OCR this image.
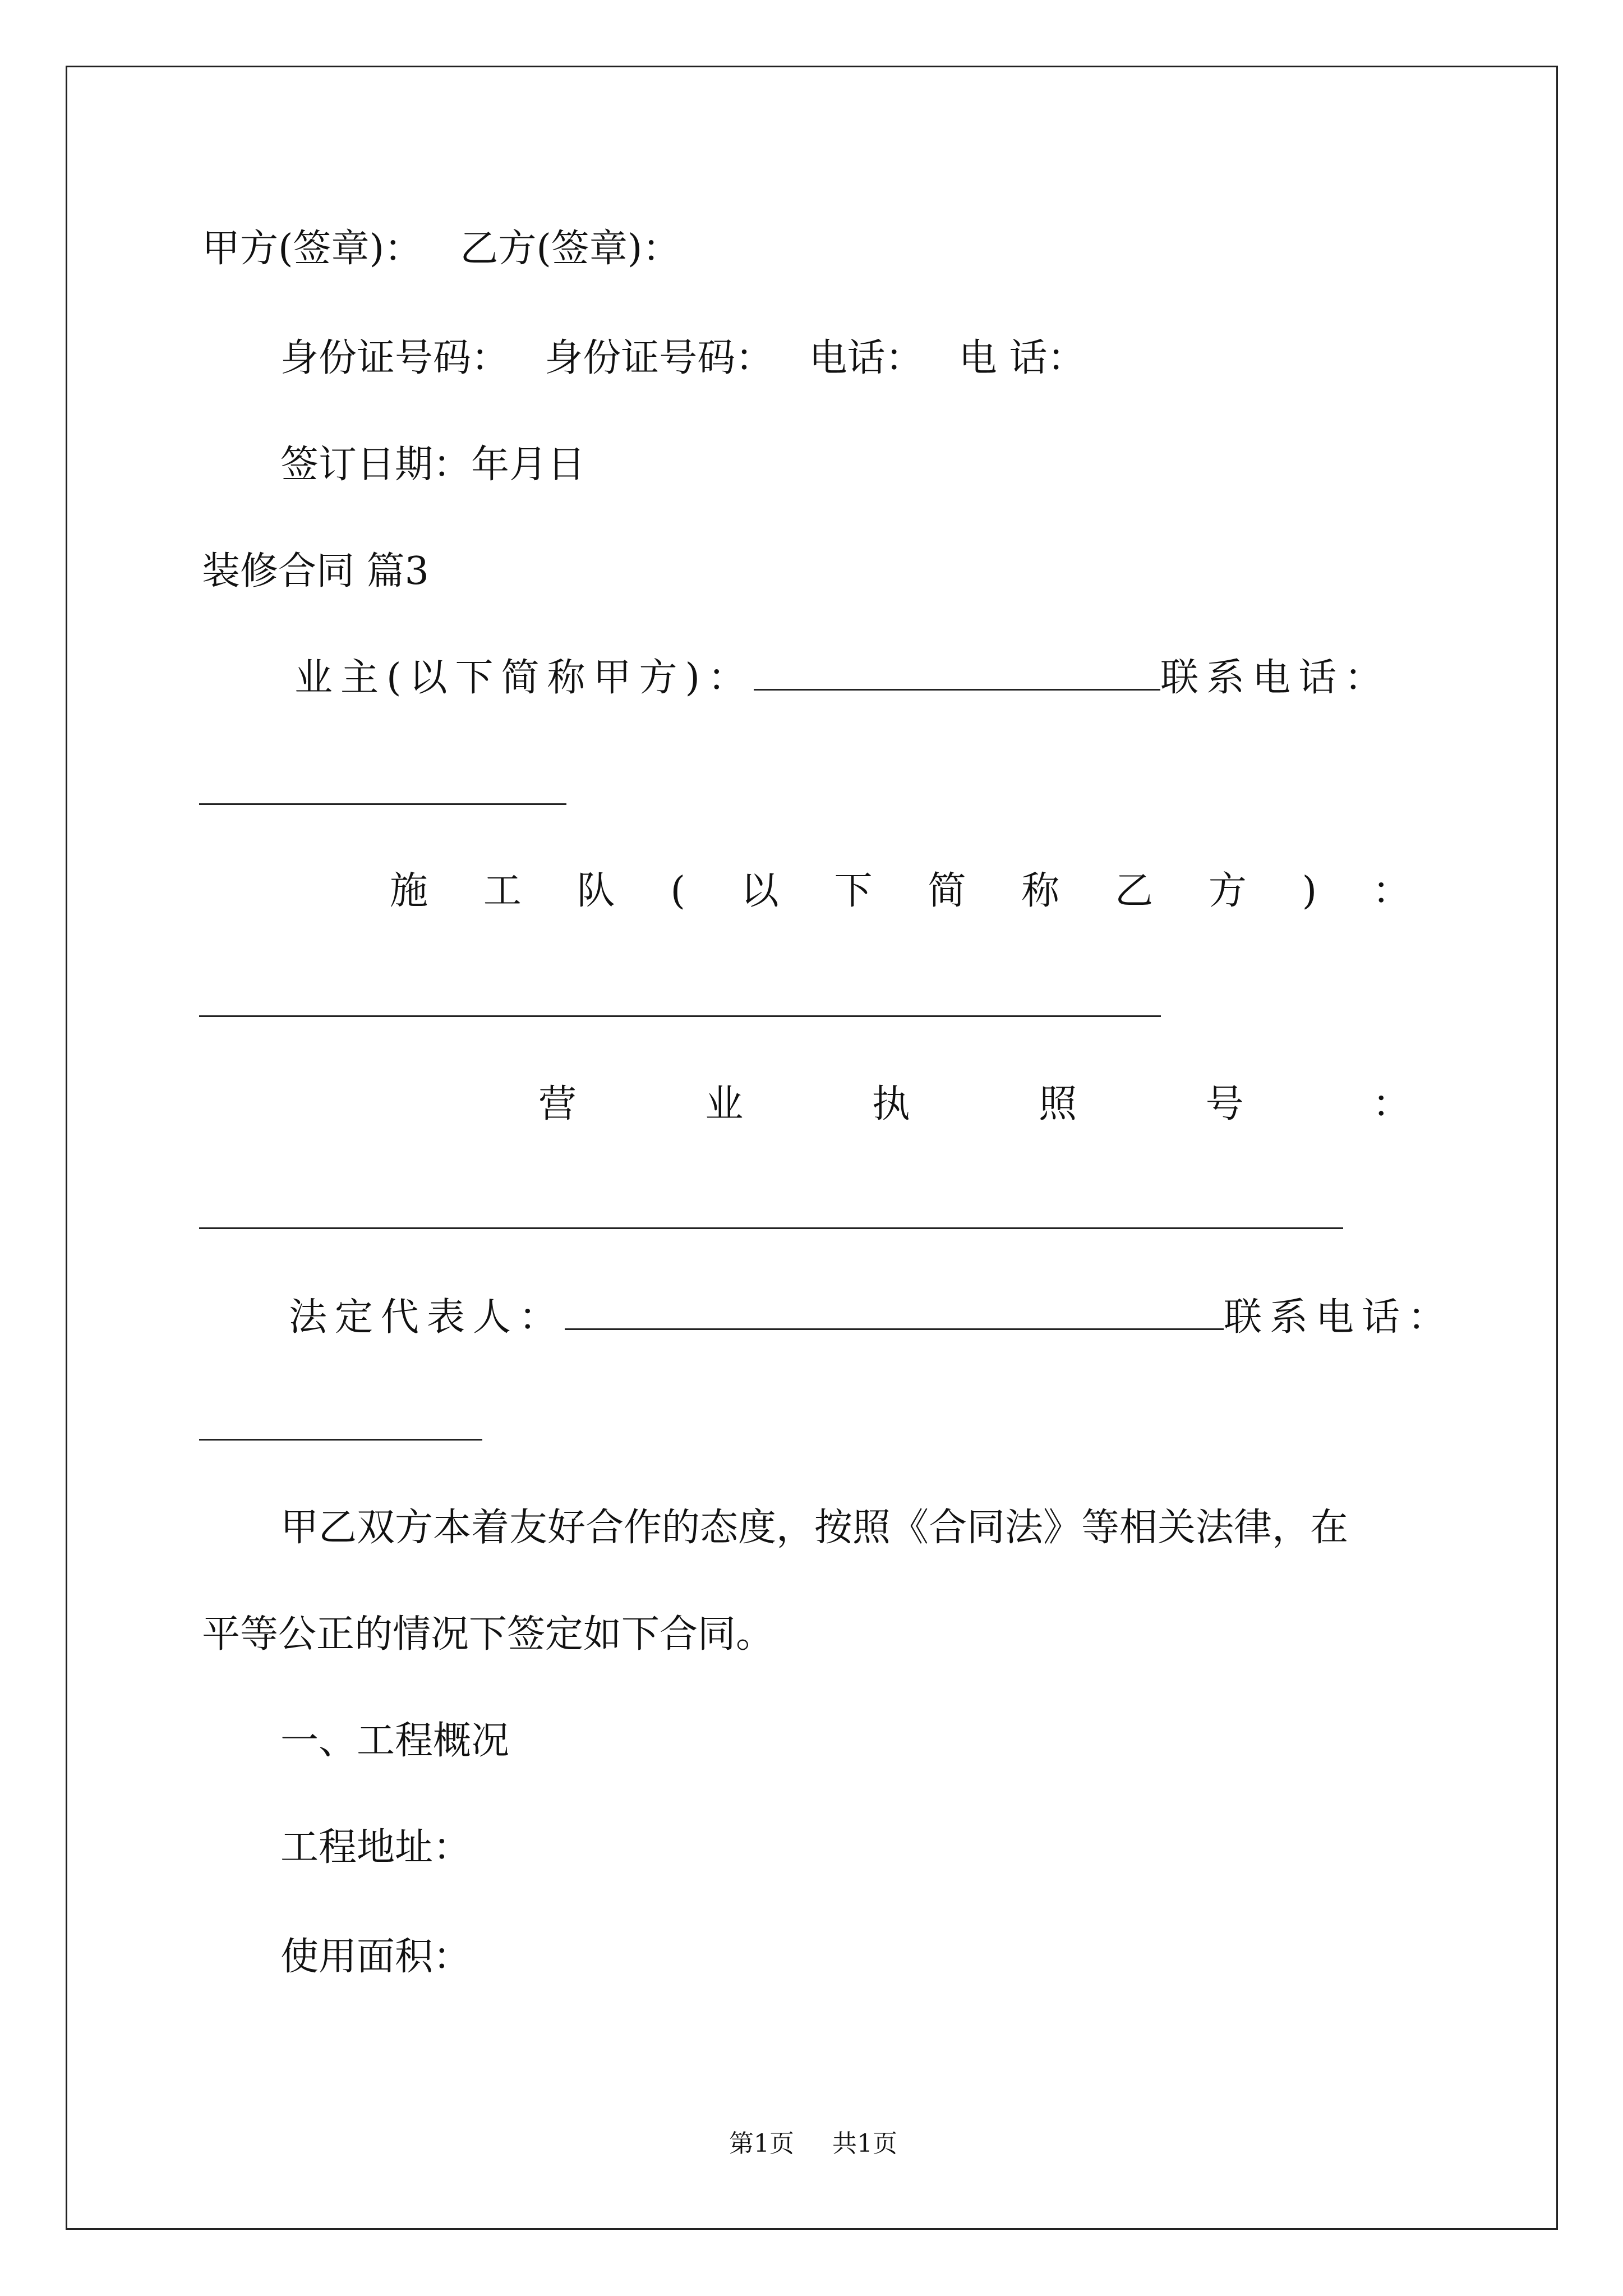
甲方(签章)： 乙方(签章)：
身份证号码： 身份证号码： 电话： 电 话：
签订日期：年月日
装修合同 篇3
业主(以下简称甲方)：	联系电话：
施 工 队 ( 以 下 简 称 乙 方 ) ：
营	业	执	照	号	：
法定代表人：	联系电话：
甲乙双方本着友好合作的态度，按照《合同法》等相关法律，在
平等公正的情况下签定如下合同。
一、工程概况
工程地址：
使用面积：
第1页 共1页
